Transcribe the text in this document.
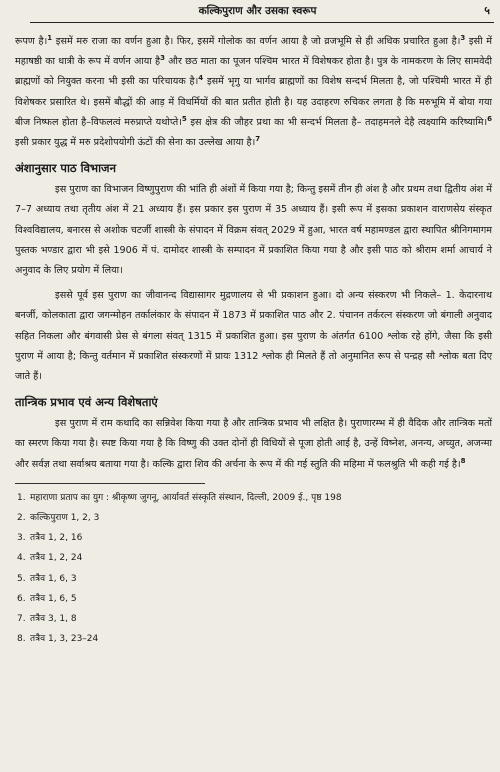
कल्किपुराण और उसका स्वरूप	५

रूपण है।$^1$ इसमें मरु राजा का वर्णन हुआ है। फिर, इसमें गोलोक का वर्णन आया है जो व्रजभूमि से ही अधिक प्रचारित हुआ है।$^3$ इसी में महाषष्ठी का धात्री के रूप में वर्णन आया है$^3$ और छठ माता का पूजन पश्चिम भारत में विशेषकर होता है। पुत्र के नामकरण के लिए सामवेदी ब्राह्मणों को नियुक्त करना भी इसी का परिचायक है।$^4$ इसमें भृगु या भार्गव ब्राह्मणों का विशेष सन्दर्भ मिलता है, जो पश्चिमी भारत में ही विशेषकर प्रसारित थे। इसमें बौद्धों की आड़ में विधर्मियों की बात प्रतीत होती है। यह उदाहरण रुचिकर लगता है कि मरुभूमि में बोया गया बीज निष्फल होता है–विफलत्वं मरुप्राप्ते यथोप्ते।$^5$ इस क्षेत्र की जौहर प्रथा का भी सन्दर्भ मिलता है– तदाहमनले देहै त्वक्ष्यामि करिष्यामि।$^6$ इसी प्रकार युद्ध में मरु प्रदेशोपयोगी ऊंटों की सेना का उल्लेख आया है।$^7$

अंशानुसार पाठ विभाजन

इस पुराण का विभाजन विष्णुपुराण की भांति ही अंशों में किया गया है; किन्तु इसमें तीन ही अंश है और प्रथम तथा द्वितीय अंश में 7–7 अध्याय तथा तृतीय अंश में 21 अध्याय हैं। इस प्रकार इस पुराण में 35 अध्याय हैं। इसी रूप में इसका प्रकाशन वाराणसेय संस्कृत विश्वविद्यालय, बनारस से अशोक चटर्जी शास्त्री के संपादन में विक्रम संवत् 2029 में हुआ, भारत वर्ष महामण्डल द्वारा स्थापित श्रीनिगमागम पुस्तक भण्डार द्वारा भी इसे 1906 में पं. दामोदर शास्त्री के सम्पादन में प्रकाशित किया गया है और इसी पाठ को श्रीराम शर्मा आचार्य ने अनुवाद के लिए प्रयोग में लिया।

इससे पूर्व इस पुराण का जीवानन्द विद्यासागर मुद्रणालय से भी प्रकाशन हुआ। दो अन्य संस्करण भी निकले– 1. केदारनाथ बनर्जी, कोलकाता द्वारा जगन्मोहन तर्कालंकार के संपादन में 1873 में प्रकाशित पाठ और 2. पंचानन तर्करत्न संस्करण जो बंगाली अनुवाद सहित निकला और बंगवासी प्रेस से बंगला संवत् 1315 में प्रकाशित हुआ। इस पुराण के अंतर्गत 6100 श्लोक रहे होंगे, जैसा कि इसी पुराण में आया है; किन्तु वर्तमान में प्रकाशित संस्करणों में प्रायः 1312 श्लोक ही मिलते हैं तो अनुमानित रूप से पन्द्रह सौ श्लोक बता दिए जाते हैं।

तान्त्रिक प्रभाव एवं अन्य विशेषताएं

इस पुराण में राम कथादि का सन्निवेश किया गया है और तान्त्रिक प्रभाव भी लक्षित है। पुराणारम्भ में ही वैदिक और तान्त्रिक मतों का स्मरण किया गया है। स्पष्ट किया गया है कि विष्णु की उक्त दोनों ही विधियों से पूजा होती आई है, उन्हें विष्नेश, अनन्य, अच्युत, अजन्मा और सर्वज्ञ तथा सर्वाश्रय बताया गया है। कल्कि द्वारा शिव की अर्चना के रूप में की गई स्तुति की महिमा में फलश्रुति भी कही गई है।$^8$

1. महाराणा प्रताप का युग : श्रीकृष्ण जुगनू, आर्यावर्त संस्कृति संस्थान, दिल्ली, 2009 ई., पृष्ठ 198
2. कल्किपुराण 1, 2, 3
3. तत्रैव 1, 2, 16
4. तत्रैव 1, 2, 24
5. तत्रैव 1, 6, 3
6. तत्रैव 1, 6, 5
7. तत्रैव 3, 1, 8
8. तत्रैव 1, 3, 23–24
